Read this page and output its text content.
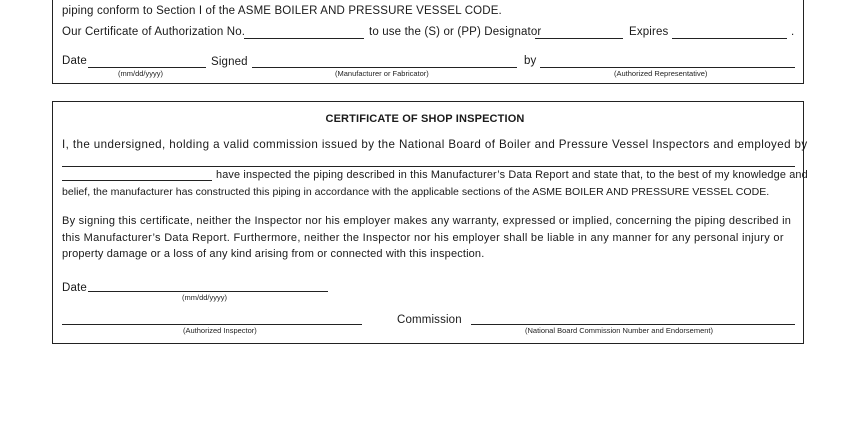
piping conform to Section I of the ASME BOILER AND PRESSURE VESSEL CODE.
Our Certificate of Authorization No.	to use the (S) or (PP) Designator	Expires	.
Date
(mm/dd/yyyy)
Signed
(Manufacturer or Fabricator)
by
(Authorized Representative)
CERTIFICATE OF SHOP INSPECTION
I, the undersigned, holding a valid commission issued by the National Board of Boiler and Pressure Vessel Inspectors and employed by
have inspected the piping described in this Manufacturer’s Data Report and state that, to the best of my knowledge and
belief, the manufacturer has constructed this piping in accordance with the applicable sections of the ASME BOILER AND PRESSURE VESSEL CODE.
By signing this certificate, neither the Inspector nor his employer makes any warranty, expressed or implied, concerning the piping described in
this Manufacturer’s Data Report. Furthermore, neither the Inspector nor his employer shall be liable in any manner for any personal injury or
property damage or a loss of any kind arising from or connected with this inspection.
Date
(mm/dd/yyyy)
(Authorized Inspector)
Commission
(National Board Commission Number and Endorsement)
